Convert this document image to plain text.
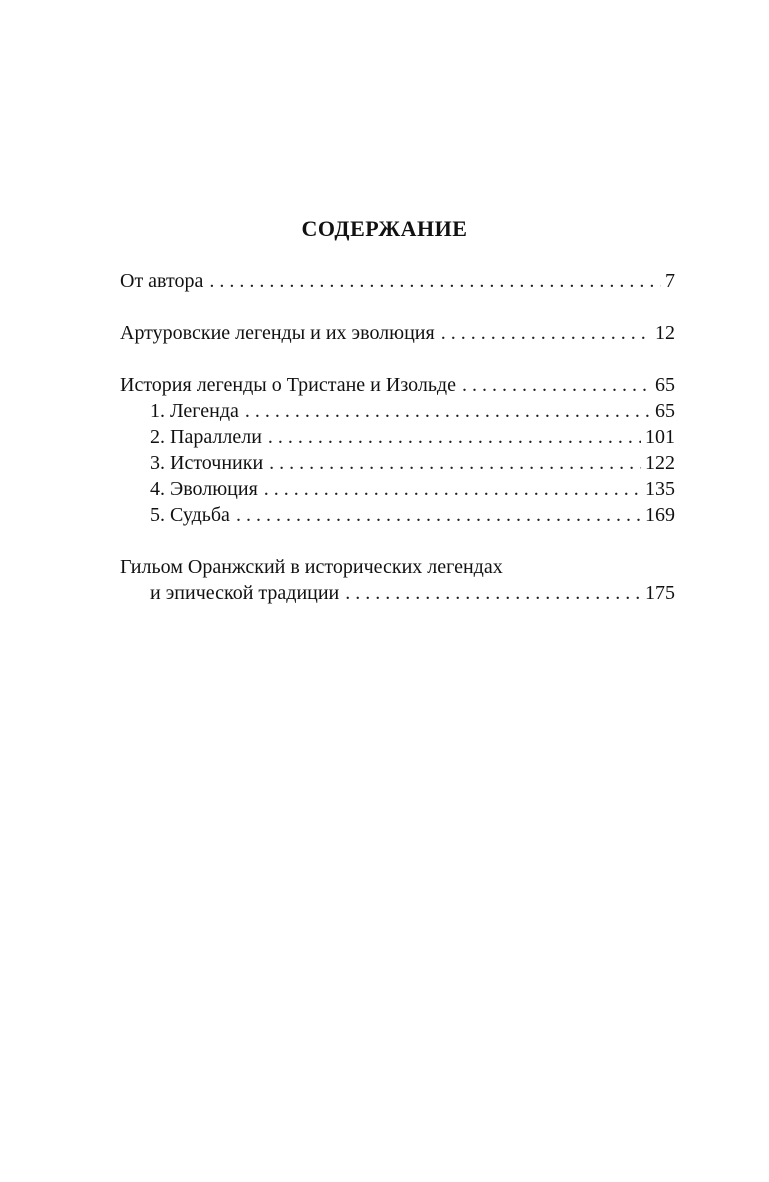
СОДЕРЖАНИЕ
От автора . . .	7
Артуровские легенды и их эволюция . . .	12
История легенды о Тристане и Изольде . . .	65
1. Легенда . . .	65
2. Параллели . . .	101
3. Источники . . .	122
4. Эволюция . . .	135
5. Судьба . . .	169
Гильом Оранжский в исторических легендах
и эпической традиции . . .	175
